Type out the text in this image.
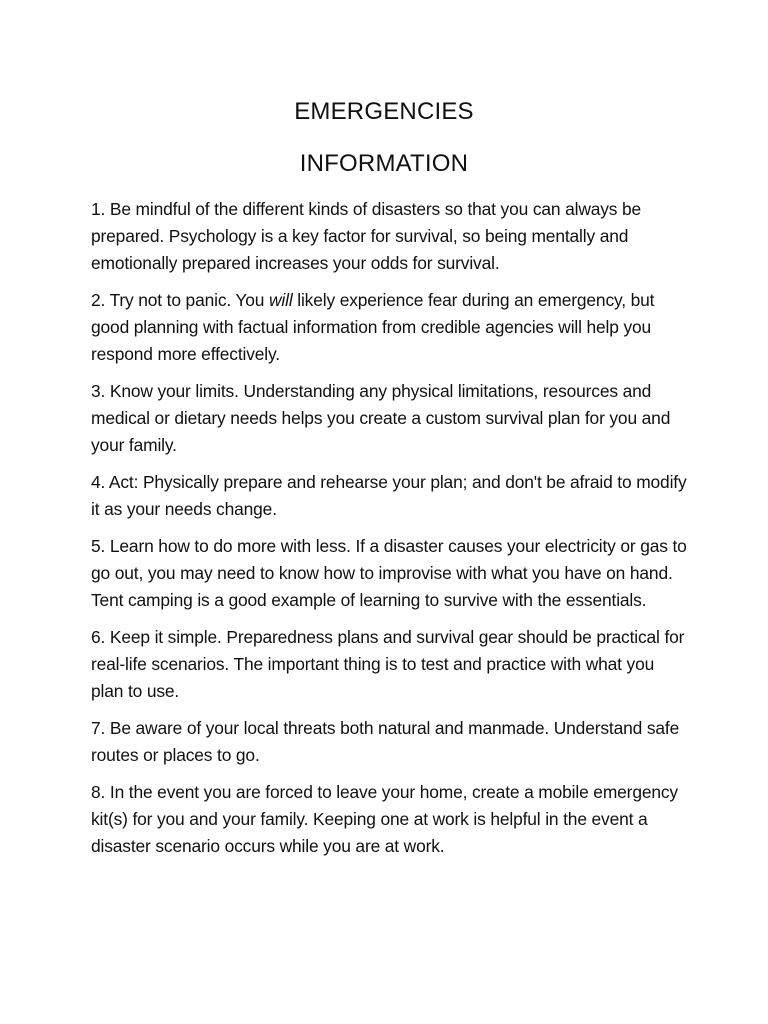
EMERGENCIES
INFORMATION

1. Be mindful of the different kinds of disasters so that you can always be prepared. Psychology is a key factor for survival, so being mentally and emotionally prepared increases your odds for survival.

2. Try not to panic. You will likely experience fear during an emergency, but good planning with factual information from credible agencies will help you respond more effectively.

3. Know your limits. Understanding any physical limitations, resources and medical or dietary needs helps you create a custom survival plan for you and your family.

4. Act: Physically prepare and rehearse your plan; and don't be afraid to modify it as your needs change.

5. Learn how to do more with less. If a disaster causes your electricity or gas to go out, you may need to know how to improvise with what you have on hand. Tent camping is a good example of learning to survive with the essentials.

6. Keep it simple. Preparedness plans and survival gear should be practical for real-life scenarios. The important thing is to test and practice with what you plan to use.

7. Be aware of your local threats both natural and manmade. Understand safe routes or places to go.

8. In the event you are forced to leave your home, create a mobile emergency kit(s) for you and your family. Keeping one at work is helpful in the event a disaster scenario occurs while you are at work.
